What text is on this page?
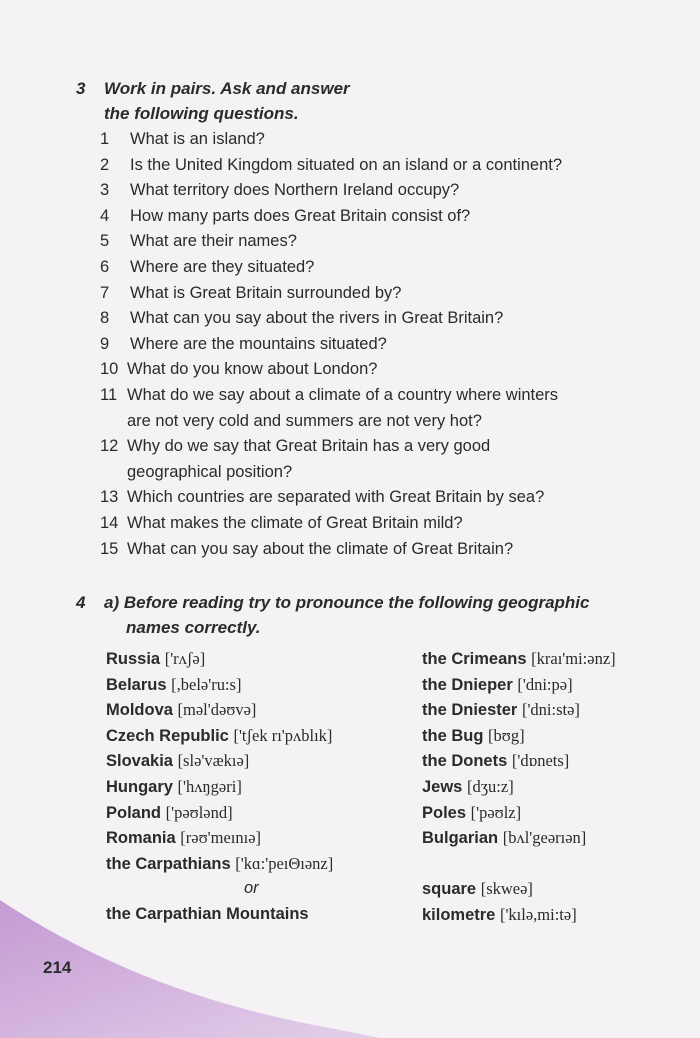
3 Work in pairs. Ask and answer
the following questions.
1	What is an island?
2	Is the United Kingdom situated on an island or a continent?
3	What territory does Northern Ireland occupy?
4	How many parts does Great Britain consist of?
5	What are their names?
6	Where are they situated?
7	What is Great Britain surrounded by?
8	What can you say about the rivers in Great Britain?
9	Where are the mountains situated?
10 What do you know about London?
11 What do we say about a climate of a country where winters
are not very cold and summers are not very hot?
12 Why do we say that Great Britain has a very good
geographical position?
13 Which countries are separated with Great Britain by sea?
14 What makes the climate of Great Britain mild?
15 What can you say about the climate of Great Britain?
4 a) Before reading try to pronounce the following geographic
names correctly.
Russia ['rʌʃə]
Belarus [,belə'ru:s]
Moldova [məl'dəʊvə]
Czech Republic ['tʃek rı'pʌblık]
Slovakia [slə'vækıə]
Hungary ['hʌŋgəri]
Poland ['pəʊlənd]
Romania [rəʊ'meınıə]
the Carpathians ['kɑ:'peıΘıənz]
or
the Carpathian Mountains
the Crimeans [kraı'mi:ənz]
the Dnieper ['dni:pə]
the Dniester ['dni:stə]
the Bug [bʊg]
the Donets ['dɒnets]
Jews [dʒu:z]
Poles ['pəʊlz]
Bulgarian [bʌl'geərıən]
square [skweə]
kilometre ['kılə,mi:tə]
214
